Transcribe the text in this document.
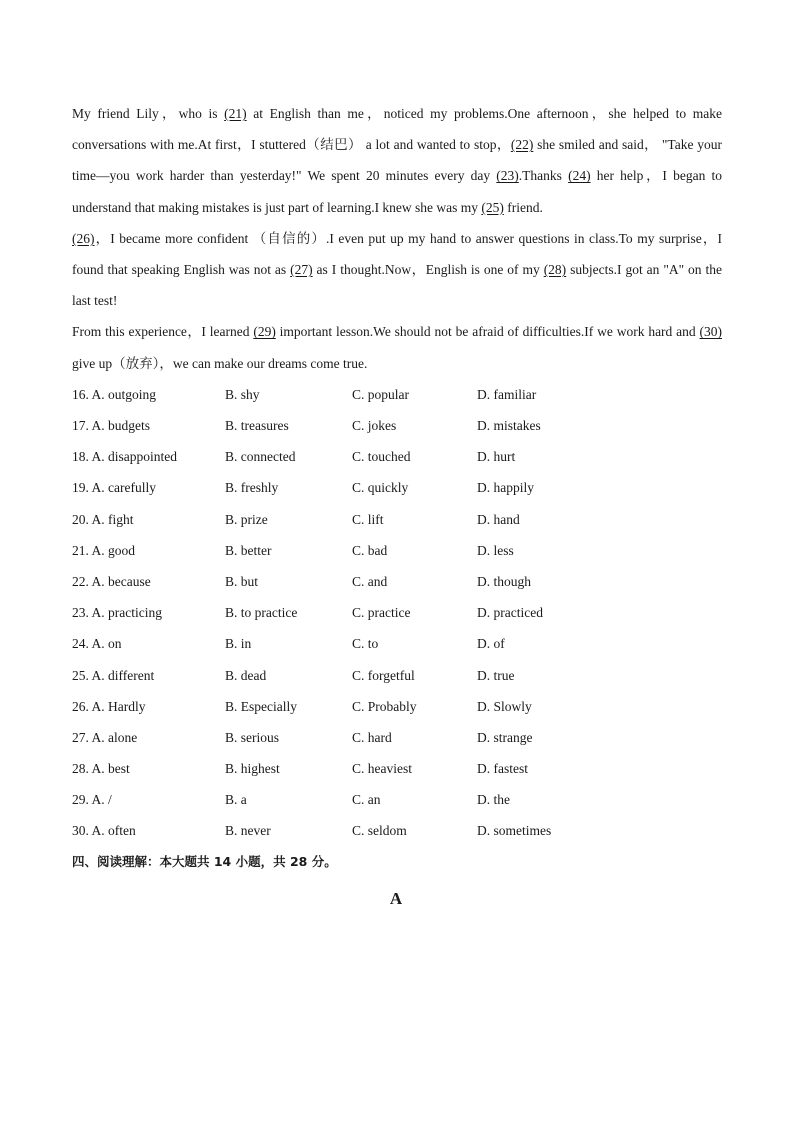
My friend Lily，who is (21) at English than me，noticed my problems.One afternoon，she helped to make conversations with me.At first，I stuttered（结巴） a lot and wanted to stop，(22) she smiled and said， "Take your time—you work harder than yesterday!" We spent 20 minutes every day (23).Thanks (24) her help，I began to understand that making mistakes is just part of learning.I knew she was my (25) friend.

(26)，I became more confident （自信的）.I even put up my hand to answer questions in class.To my surprise，I found that speaking English was not as (27) as I thought.Now，English is one of my (28) subjects.I got an "A" on the last test!

From this experience，I learned (29) important lesson.We should not be afraid of difficulties.If we work hard and (30) give up（放弃），we can make our dreams come true.

16. A. outgoing	B. shy	C. popular	D. familiar
17. A. budgets	B. treasures	C. jokes	D. mistakes
18. A. disappointed	B. connected	C. touched	D. hurt
19. A. carefully	B. freshly	C. quickly	D. happily
20. A. fight	B. prize	C. lift	D. hand
21. A. good	B. better	C. bad	D. less
22. A. because	B. but	C. and	D. though
23. A. practicing	B. to practice	C. practice	D. practiced
24. A. on	B. in	C. to	D. of
25. A. different	B. dead	C. forgetful	D. true
26. A. Hardly	B. Especially	C. Probably	D. Slowly
27. A. alone	B. serious	C. hard	D. strange
28. A. best	B. highest	C. heaviest	D. fastest
29. A. /	B. a	C. an	D. the
30. A. often	B. never	C. seldom	D. sometimes
四、阅读理解：本大题共 14 小题，共 28 分。
A
